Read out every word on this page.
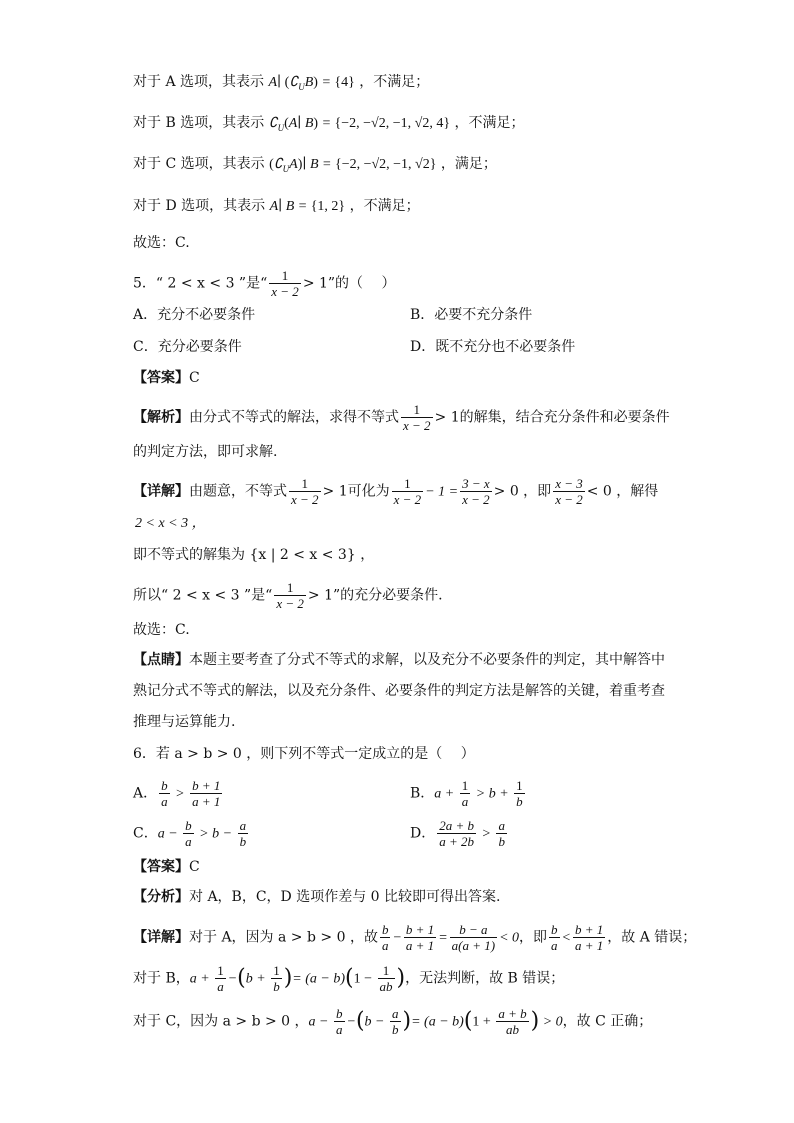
对于 A 选项，其表示 A∣ $(∁_UB) = \{4\}$ ，不满足；
对于 B 选项，其表示 $∁_U(A∣$ B) = {−2, −√2, −1, √2, 4} ，不满足；
对于 C 选项，其表示 $(∁_UA)∣$ B = {−2, −√2, −1, √2} ，满足；
对于 D 选项，其表示 A∣ B = {1, 2} ，不满足；
故选：C.
5．“ 2 < x < 3 ”是“ $\frac{1}{x - 2} > 1$”的（　 ）
A．充分不必要条件	B．必要不充分条件
C．充分必要条件	D．既不充分也不必要条件
【答案】C
【解析】由分式不等式的解法，求得不等式 $\frac{1}{x - 2} > 1$的解集，结合充分条件和必要条件
的判定方法，即可求解.
【详解】由题意，不等式 $\frac{1}{x - 2} > 1$可化为 $\frac{1}{x - 2} - 1 = \frac{3 - x}{x - 2} > 0$ ，即 $\frac{x - 3}{x - 2} < 0$ ，解得
2 < x < 3 ，
即不等式的解集为 {x | 2 < x < 3} ，
所以“ 2 < x < 3 ”是“ $\frac{1}{x - 2} > 1$”的充分必要条件.
故选：C.
【点睛】本题主要考查了分式不等式的求解，以及充分不必要条件的判定，其中解答中
熟记分式不等式的解法，以及充分条件、必要条件的判定方法是解答的关键，着重考查
推理与运算能力.
6．若 a > b > 0 ，则下列不等式一定成立的是（　 ）
A． $\frac{b}{a} > \frac{b + 1}{a + 1}$	B．$a + \frac{1}{a} > b + \frac{1}{b}$
C．$a - \frac{b}{a} > b - \frac{a}{b}$	D． $\frac{2a + b}{a + 2b} > \frac{a}{b}$
【答案】C
【分析】对 A，B，C，D 选项作差与 0 比较即可得出答案.
【详解】对于 A，因为 a > b > 0 ，故 $\frac{b}{a} - \frac{b + 1}{a + 1} = \frac{b - a}{a(a + 1)} < 0$，即 $\frac{b}{a} < \frac{b + 1}{a + 1}$ ，故 A 错误；
对于 B，$a + \frac{1}{a} -(b + \frac{1}{b}$ )= $(a - b)(1 - \frac{1}{ab}$ )，无法判断，故 B 错误；
对于 C，因为 a > b > 0 ，$a - \frac{b}{a} -(b - \frac{a}{b}$ )= $(a - b)(1 + \frac{a + b}{ab}$ ) > 0，故 C 正确；
